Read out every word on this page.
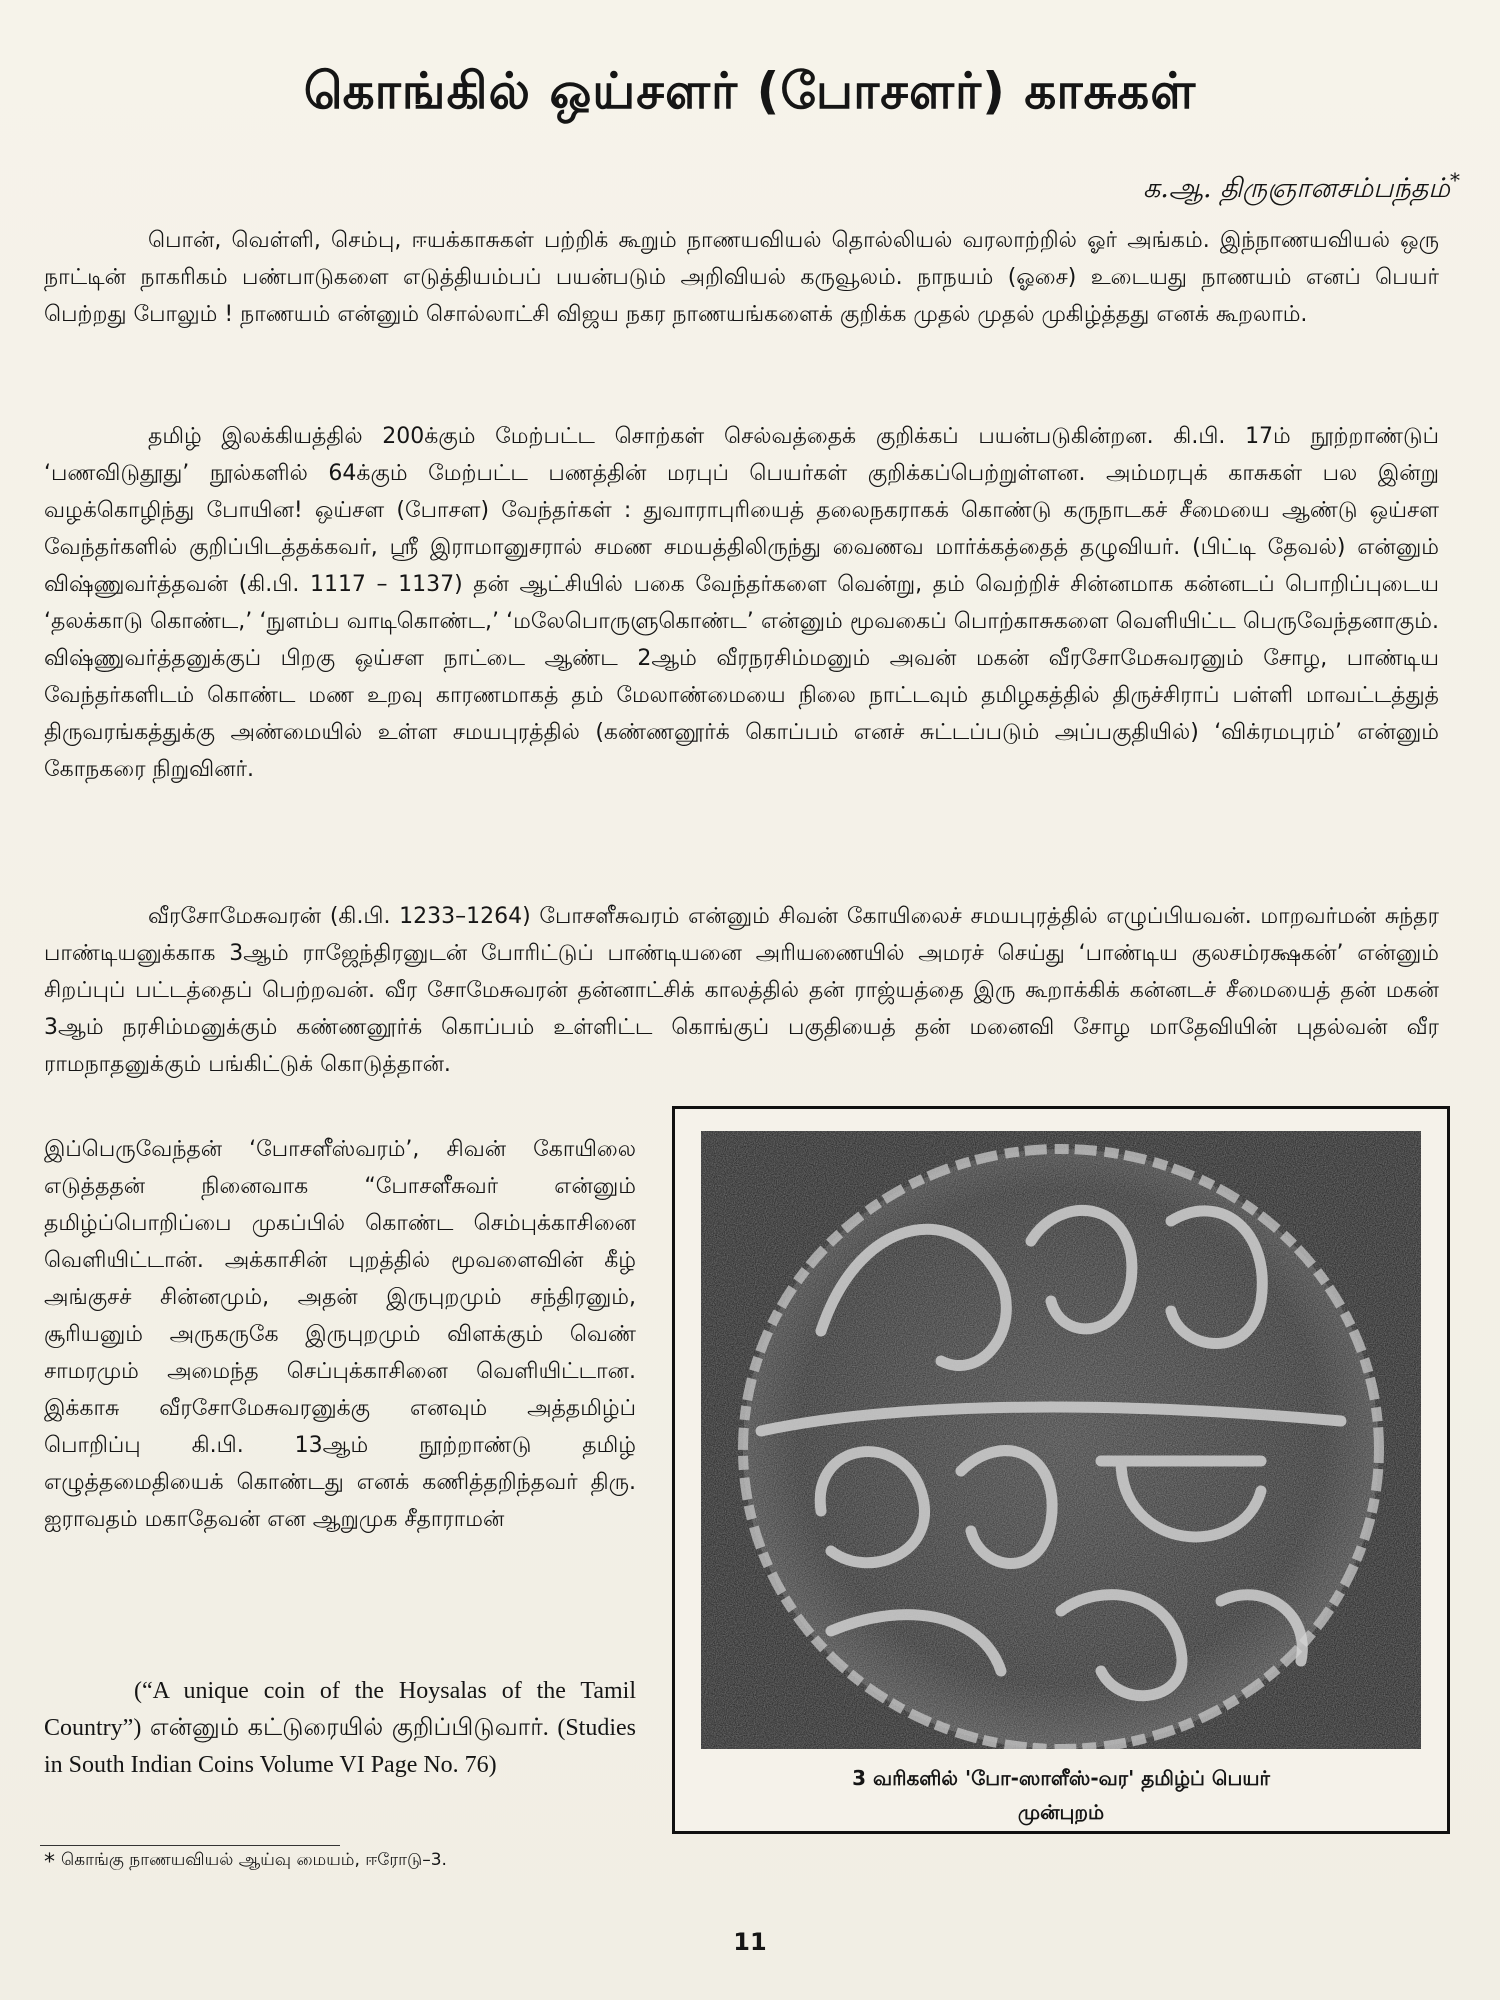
கொங்கில் ஒய்சளர் (போசளர்) காசுகள்

க.ஆ. திருஞானசம்பந்தம்*

பொன், வெள்ளி, செம்பு, ஈயக்காசுகள் பற்றிக் கூறும் நாணயவியல் தொல்லியல் வரலாற்றில் ஓர் அங்கம். இந்நாணயவியல் ஒரு நாட்டின் நாகரிகம் பண்பாடுகளை எடுத்தியம்பப் பயன்படும் அறிவியல் கருவூலம். நாநயம் (ஓசை) உடையது நாணயம் எனப் பெயர் பெற்றது போலும் ! நாணயம் என்னும் சொல்லாட்சி விஜய நகர நாணயங்களைக் குறிக்க முதல் முதல் முகிழ்த்தது எனக் கூறலாம்.

தமிழ் இலக்கியத்தில் 200க்கும் மேற்பட்ட சொற்கள் செல்வத்தைக் குறிக்கப் பயன்படுகின்றன. கி.பி. 17ம் நூற்றாண்டுப் ‘பணவிடுதூது’ நூல்களில் 64க்கும் மேற்பட்ட பணத்தின் மரபுப் பெயர்கள் குறிக்கப்பெற்றுள்ளன. அம்மரபுக் காசுகள் பல இன்று வழக்கொழிந்து போயின! ஒய்சள (போசள) வேந்தர்கள் : துவாராபுரியைத் தலைநகராகக் கொண்டு கருநாடகச் சீமையை ஆண்டு ஒய்சள வேந்தர்களில் குறிப்பிடத்தக்கவர், ஸ்ரீ இராமானுசரால் சமண சமயத்திலிருந்து வைணவ மார்க்கத்தைத் தழுவியர். (பிட்டி தேவல்) என்னும் விஷ்ணுவர்த்தவன் (கி.பி. 1117 – 1137) தன் ஆட்சியில் பகை வேந்தர்களை வென்று, தம் வெற்றிச் சின்னமாக கன்னடப் பொறிப்புடைய ‘தலக்காடு கொண்ட,’ ‘நுளம்ப வாடிகொண்ட,’ ‘மலேபொருளுகொண்ட’ என்னும் மூவகைப் பொற்காசுகளை வெளியிட்ட பெருவேந்தனாகும். விஷ்ணுவர்த்தனுக்குப் பிறகு ஒய்சள நாட்டை ஆண்ட 2ஆம் வீரநரசிம்மனும் அவன் மகன் வீரசோமேசுவரனும் சோழ, பாண்டிய வேந்தர்களிடம் கொண்ட மண உறவு காரணமாகத் தம் மேலாண்மையை நிலை நாட்டவும் தமிழகத்தில் திருச்சிராப் பள்ளி மாவட்டத்துத் திருவரங்கத்துக்கு அண்மையில் உள்ள சமயபுரத்தில் (கண்ணனூர்க் கொப்பம் எனச் சுட்டப்படும் அப்பகுதியில்) ‘விக்ரமபுரம்’ என்னும் கோநகரை நிறுவினர்.

வீரசோமேசுவரன் (கி.பி. 1233–1264) போசளீசுவரம் என்னும் சிவன் கோயிலைச் சமயபுரத்தில் எழுப்பியவன். மாறவர்மன் சுந்தர பாண்டியனுக்காக 3ஆம் ராஜேந்திரனுடன் போரிட்டுப் பாண்டியனை அரியணையில் அமரச் செய்து ‘பாண்டிய குலசம்ரக்ஷகன்’ என்னும் சிறப்புப் பட்டத்தைப் பெற்றவன். வீர சோமேசுவரன் தன்னாட்சிக் காலத்தில் தன் ராஜ்யத்தை இரு கூறாக்கிக் கன்னடச் சீமையைத் தன் மகன் 3ஆம் நரசிம்மனுக்கும் கண்ணனூர்க் கொப்பம் உள்ளிட்ட கொங்குப் பகுதியைத் தன் மனைவி சோழ மாதேவியின் புதல்வன் வீர ராமநாதனுக்கும் பங்கிட்டுக் கொடுத்தான்.

இப்பெருவேந்தன் ‘போசளீஸ்வரம்’, சிவன் கோயிலை எடுத்ததன் நினைவாக “போசளீசுவர் என்னும் தமிழ்ப்பொறிப்பை முகப்பில் கொண்ட செம்புக்காசினை வெளியிட்டான். அக்காசின் புறத்தில் மூவளைவின் கீழ் அங்குசச் சின்னமும், அதன் இருபுறமும் சந்திரனும், சூரியனும் அருகருகே இருபுறமும் விளக்கும் வெண் சாமரமும் அமைந்த செப்புக்காசினை வெளியிட்டான. இக்காசு வீரசோமேசுவரனுக்கு எனவும் அத்தமிழ்ப் பொறிப்பு கி.பி. 13ஆம் நூற்றாண்டு தமிழ் எழுத்தமைதியைக் கொண்டது எனக் கணித்தறிந்தவர் திரு. ஐராவதம் மகாதேவன் என ஆறுமுக சீதாராமன்

(“A unique coin of the Hoysalas of the Tamil Country”) என்னும் கட்டுரையில் குறிப்பிடுவார். (Studies in South Indian Coins Volume VI Page No. 76)	3 வரிகளில் 'போ-ஸாளீஸ்-வர' தமிழ்ப் பெயர்
முன்புறம்

* கொங்கு நாணயவியல் ஆய்வு மையம், ஈரோடு–3.

11
